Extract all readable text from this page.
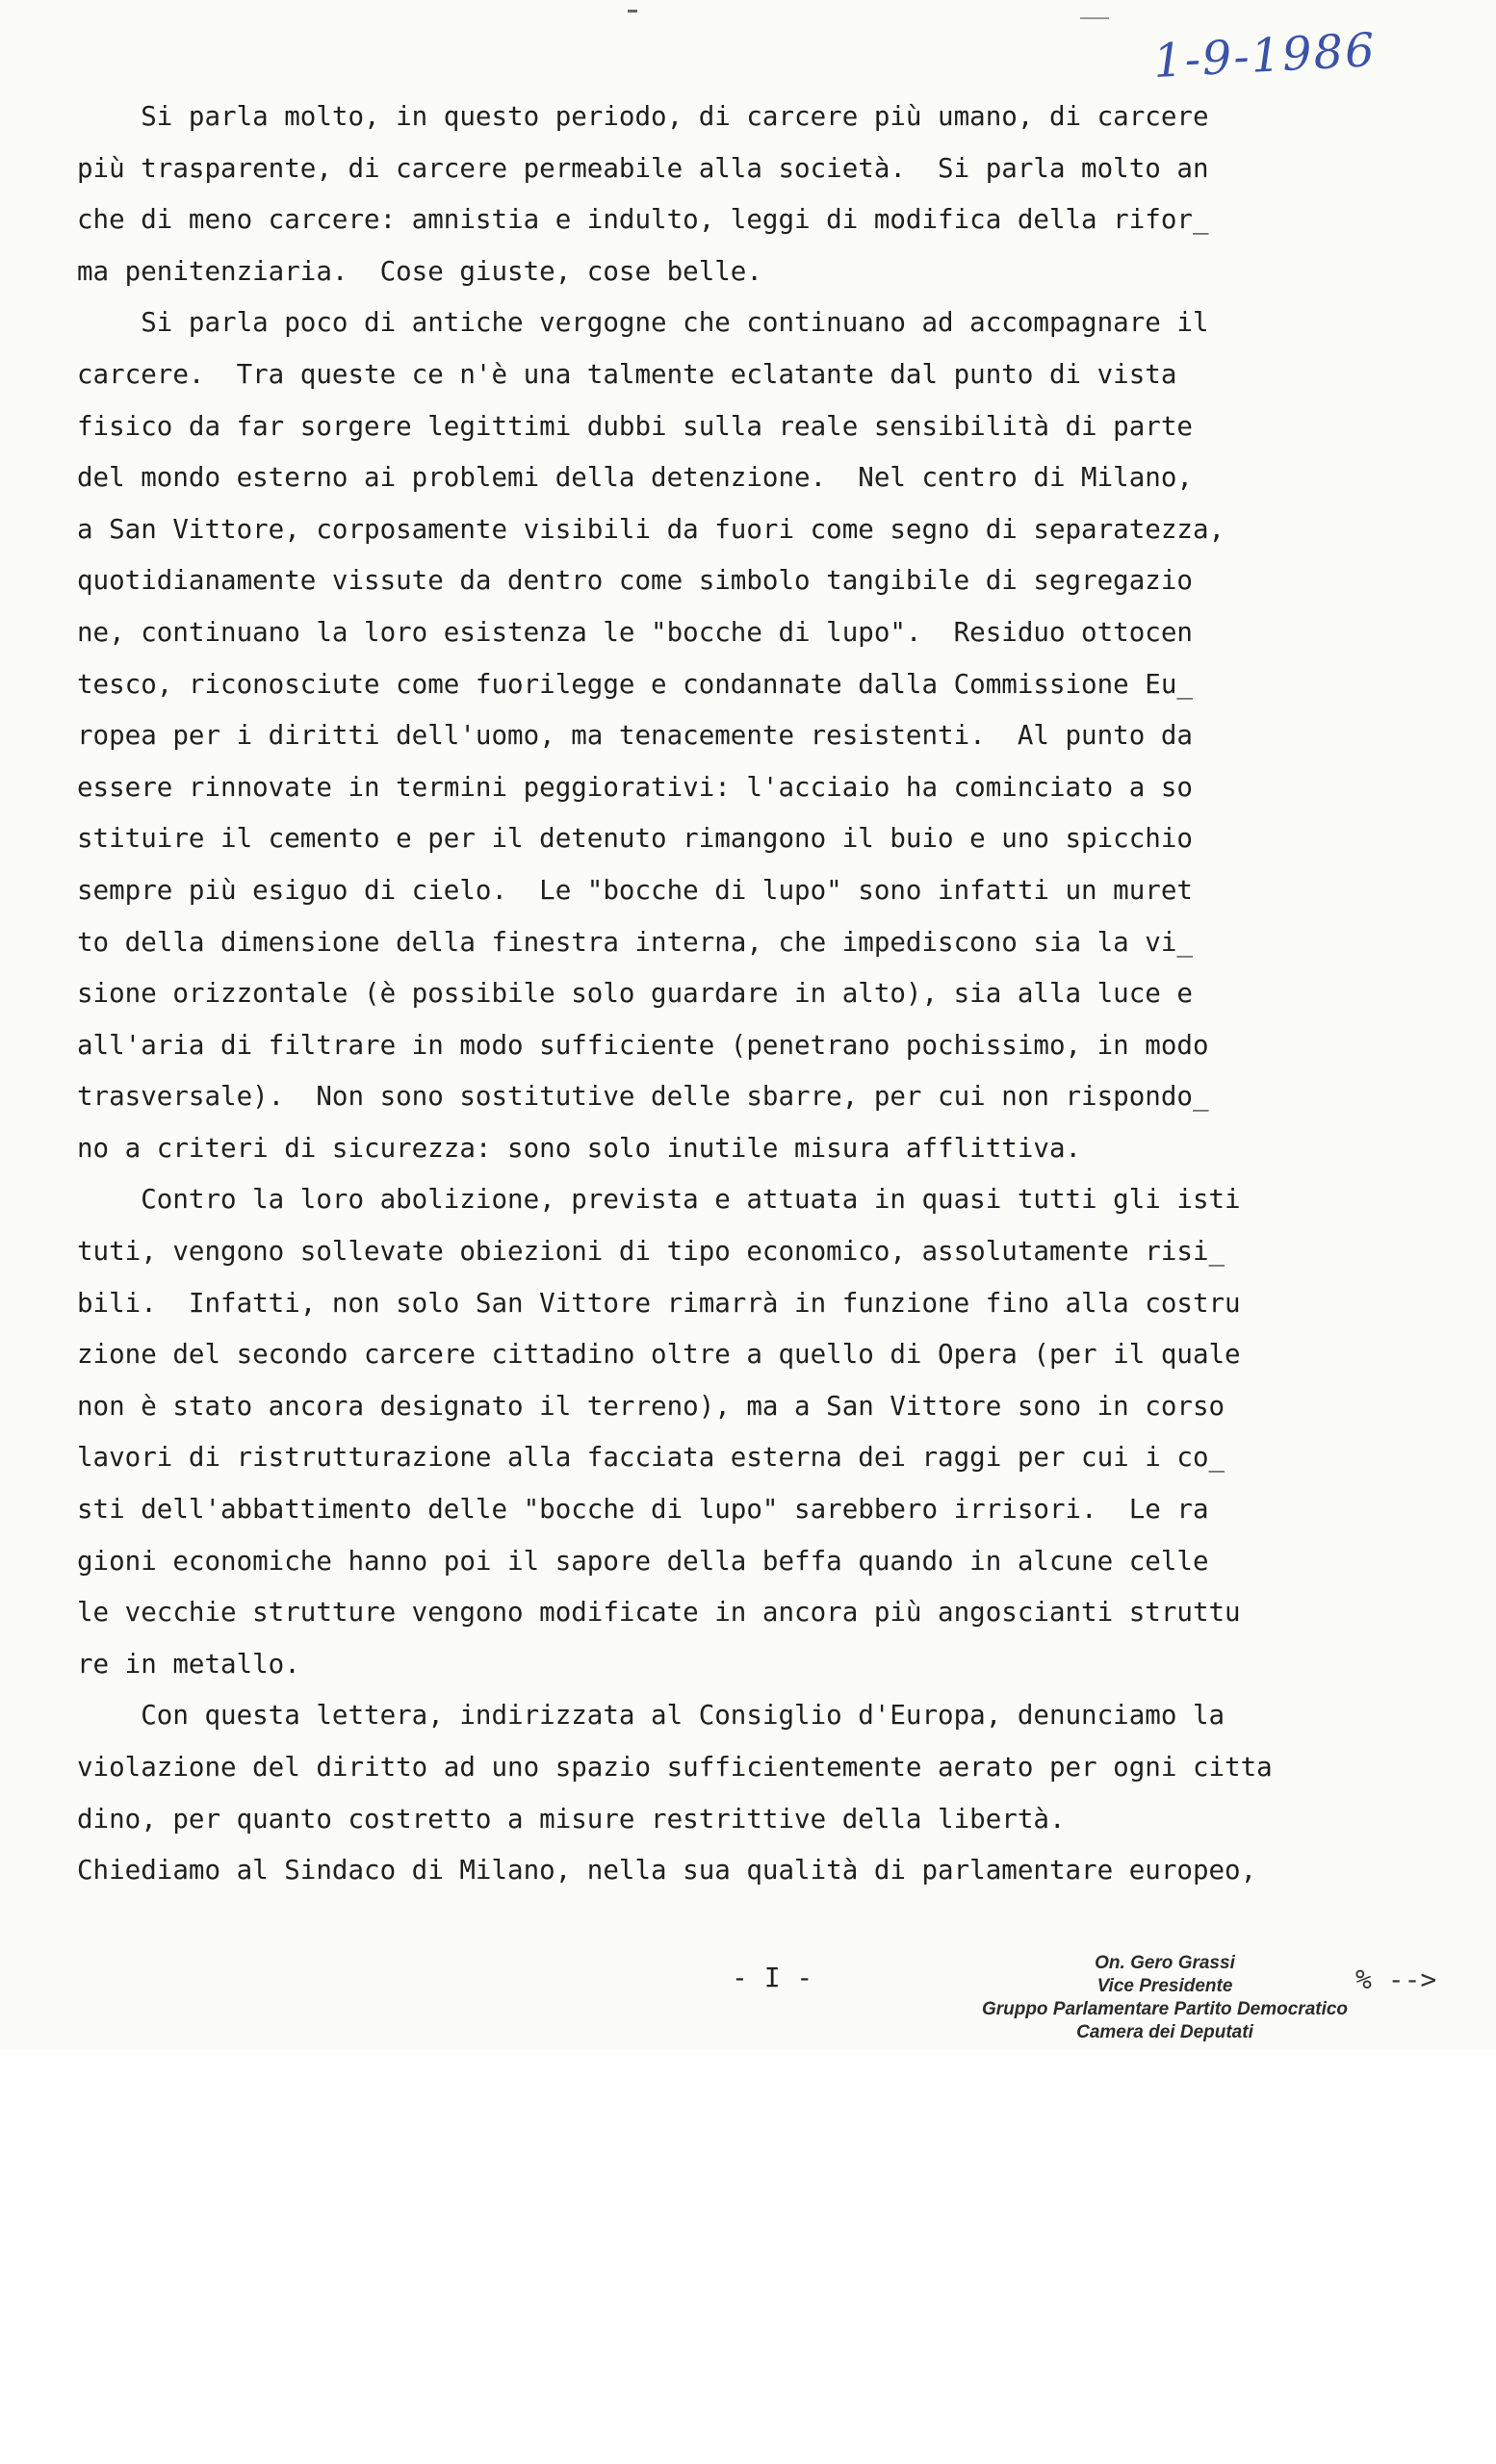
1-9-1986
Si parla molto, in questo periodo, di carcere più umano, di carcere
più trasparente, di carcere permeabile alla società.  Si parla molto an
che di meno carcere: amnistia e indulto, leggi di modifica della rifor_
ma penitenziaria.  Cose giuste, cose belle.
Si parla poco di antiche vergogne che continuano ad accompagnare il
carcere.  Tra queste ce n'è una talmente eclatante dal punto di vista
fisico da far sorgere legittimi dubbi sulla reale sensibilità di parte
del mondo esterno ai problemi della detenzione.  Nel centro di Milano,
a San Vittore, corposamente visibili da fuori come segno di separatezza,
quotidianamente vissute da dentro come simbolo tangibile di segregazio
ne, continuano la loro esistenza le "bocche di lupo".  Residuo ottocen
tesco, riconosciute come fuorilegge e condannate dalla Commissione Eu_
ropea per i diritti dell'uomo, ma tenacemente resistenti.  Al punto da
essere rinnovate in termini peggiorativi: l'acciaio ha cominciato a so
stituire il cemento e per il detenuto rimangono il buio e uno spicchio
sempre più esiguo di cielo.  Le "bocche di lupo" sono infatti un muret
to della dimensione della finestra interna, che impediscono sia la vi_
sione orizzontale (è possibile solo guardare in alto), sia alla luce e
all'aria di filtrare in modo sufficiente (penetrano pochissimo, in modo
trasversale).  Non sono sostitutive delle sbarre, per cui non rispondo_
no a criteri di sicurezza: sono solo inutile misura afflittiva.
Contro la loro abolizione, prevista e attuata in quasi tutti gli isti
tuti, vengono sollevate obiezioni di tipo economico, assolutamente risi_
bili.  Infatti, non solo San Vittore rimarrà in funzione fino alla costru
zione del secondo carcere cittadino oltre a quello di Opera (per il quale
non è stato ancora designato il terreno), ma a San Vittore sono in corso
lavori di ristrutturazione alla facciata esterna dei raggi per cui i co_
sti dell'abbattimento delle "bocche di lupo" sarebbero irrisori.  Le ra
gioni economiche hanno poi il sapore della beffa quando in alcune celle
le vecchie strutture vengono modificate in ancora più angoscianti struttu
re in metallo.
Con questa lettera, indirizzata al Consiglio d'Europa, denunciamo la
violazione del diritto ad uno spazio sufficientemente aerato per ogni citta
dino, per quanto costretto a misure restrittive della libertà.
Chiediamo al Sindaco di Milano, nella sua qualità di parlamentare europeo,
- I -	On. Gero Grassi
Vice Presidente
Gruppo Parlamentare Partito Democratico
Camera dei Deputati
% -->
